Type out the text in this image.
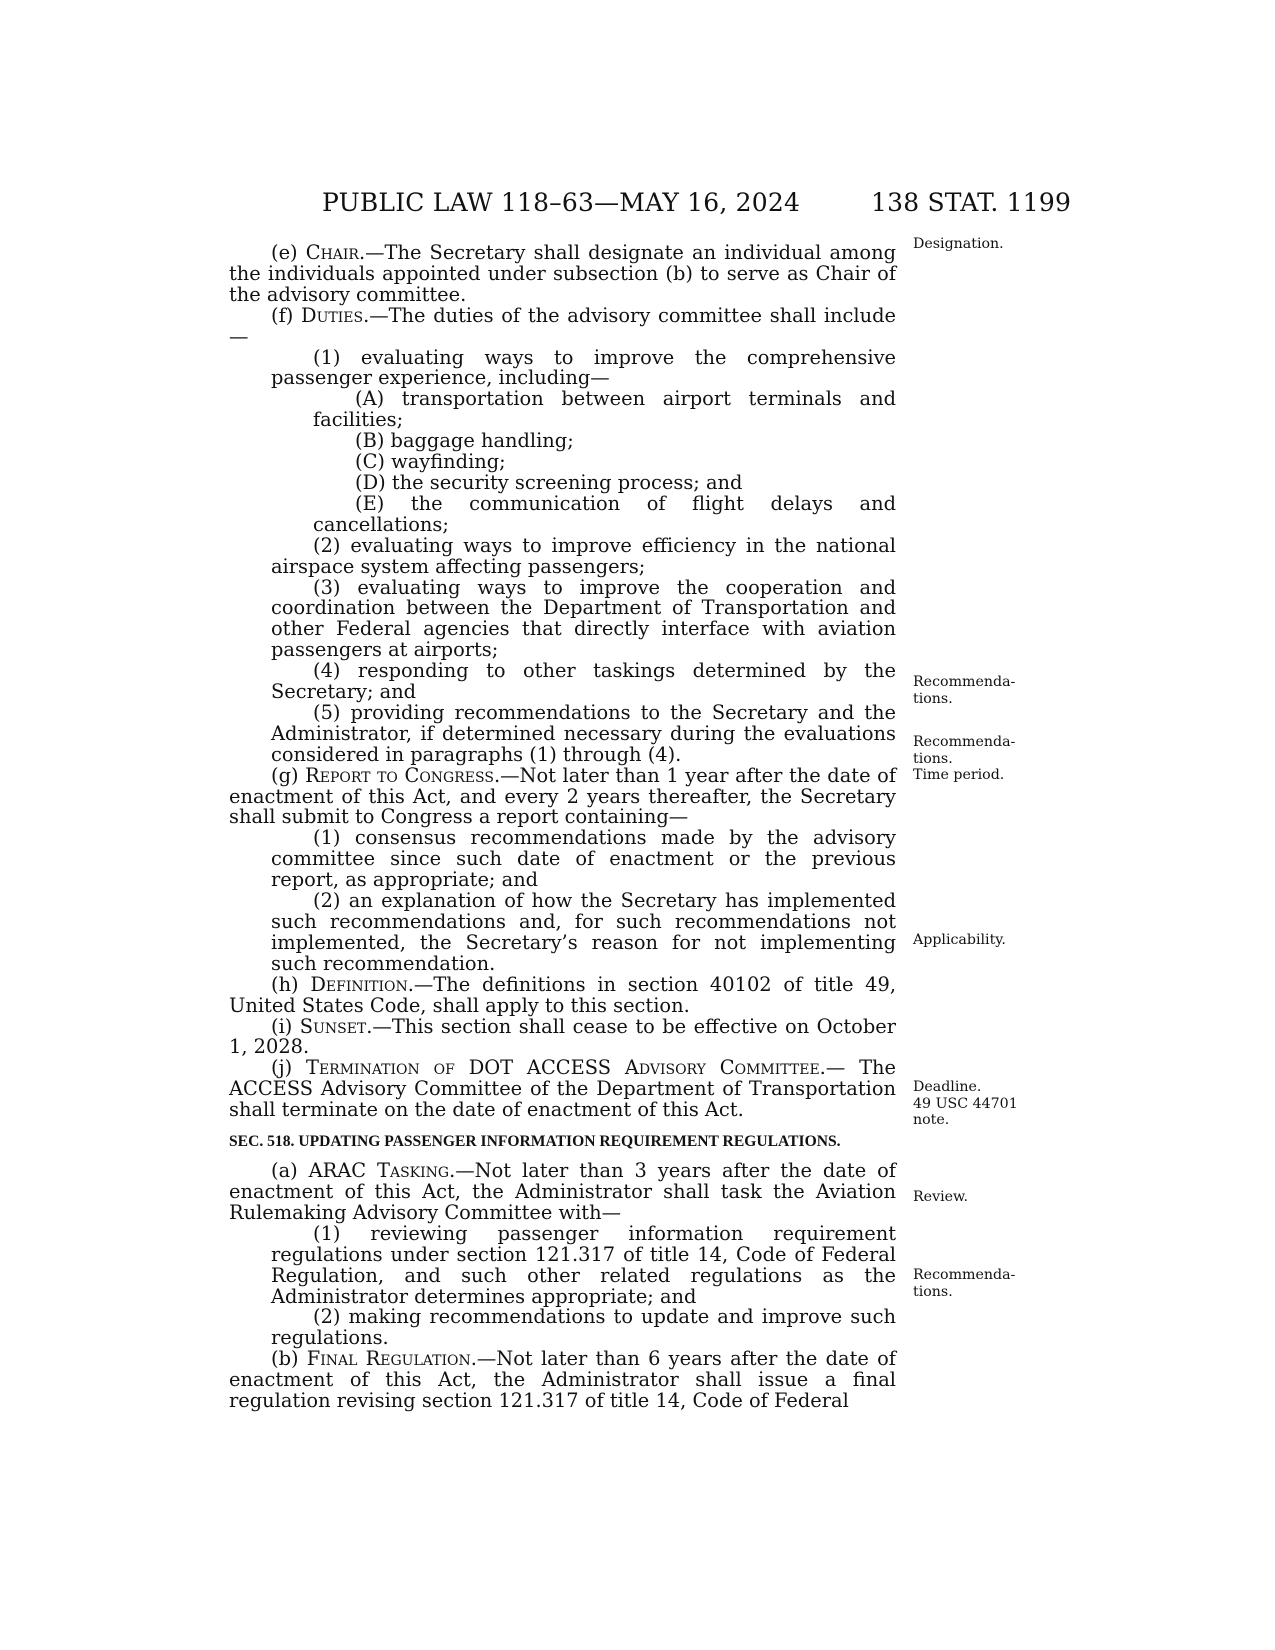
PUBLIC LAW 118–63—MAY 16, 2024	138 STAT. 1199

(e) Chair.—The Secretary shall designate an individual among the individuals appointed under subsection (b) to serve as Chair of the advisory committee.

(f) Duties.—The duties of the advisory committee shall include—

(1) evaluating ways to improve the comprehensive passenger experience, including—

(A) transportation between airport terminals and facilities;

(B) baggage handling;

(C) wayfinding;

(D) the security screening process; and

(E) the communication of flight delays and cancellations;

(2) evaluating ways to improve efficiency in the national airspace system affecting passengers;

(3) evaluating ways to improve the cooperation and coordination between the Department of Transportation and other Federal agencies that directly interface with aviation passengers at airports;

(4) responding to other taskings determined by the Secretary; and

(5) providing recommendations to the Secretary and the Administrator, if determined necessary during the evaluations considered in paragraphs (1) through (4).

(g) Report to Congress.—Not later than 1 year after the date of enactment of this Act, and every 2 years thereafter, the Secretary shall submit to Congress a report containing—

(1) consensus recommendations made by the advisory committee since such date of enactment or the previous report, as appropriate; and

(2) an explanation of how the Secretary has implemented such recommendations and, for such recommendations not implemented, the Secretary’s reason for not implementing such recommendation.

(h) Definition.—The definitions in section 40102 of title 49, United States Code, shall apply to this section.

(i) Sunset.—This section shall cease to be effective on October 1, 2028.

(j) Termination of DOT ACCESS Advisory Committee.— The ACCESS Advisory Committee of the Department of Transportation shall terminate on the date of enactment of this Act.

SEC. 518. UPDATING PASSENGER INFORMATION REQUIREMENT REGULATIONS.

(a) ARAC Tasking.—Not later than 3 years after the date of enactment of this Act, the Administrator shall task the Aviation Rulemaking Advisory Committee with—

(1) reviewing passenger information requirement regulations under section 121.317 of title 14, Code of Federal Regulation, and such other related regulations as the Administrator determines appropriate; and

(2) making recommendations to update and improve such regulations.

(b) Final Regulation.—Not later than 6 years after the date of enactment of this Act, the Administrator shall issue a final regulation revising section 121.317 of title 14, Code of Federal

Designation.
Recommenda-
tions.
Recommenda-
tions.
Time period.
Applicability.
Deadline.
49 USC 44701
note.
Review.
Recommenda-
tions.
